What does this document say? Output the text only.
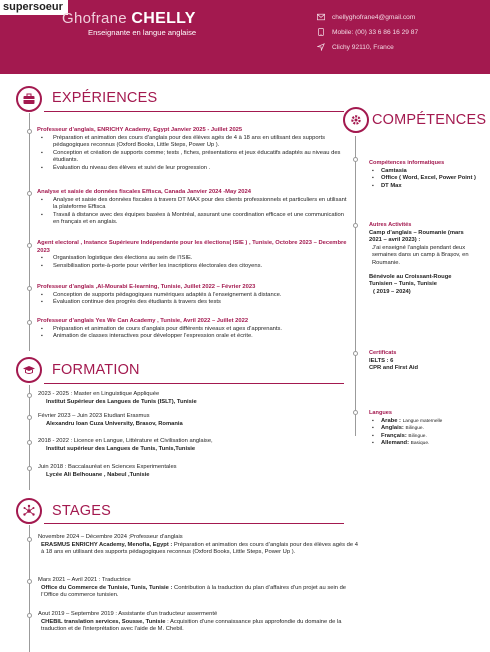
supersoeur
Ghofrane CHELLY
Enseignante en langue anglaise
chellyghofrane4@gmail.com
Mobile: (00) 33 6 86 16 29 87
Clichy 92110, France
EXPÉRIENCES
Professeur d’anglais, ENRICHY Academy, Egypt Janvier 2025 - Juillet 2025
▪ Préparation et animation des cours d’anglais pour des élèves agés de 4 à 18 ans en utilisant des supports pédagogiques reconnus (Oxford Books, Little Steps, Power Up ).
▪ Conception et création de supports comme; tests , fiches, présentations et jeux éducatifs adaptés au niveau des étudiants.
▪ Évaluation du niveau des élèves et suivi de leur progression .
Analyse et saisie de données fiscales Effisca, Canada Janvier 2024 -May 2024
▪ Analyse et saisie des données fiscales à travers DT MAX pour des clients professionnels et particuliers en utilisant la plateforme Effisca
▪ Travail à distance avec des équipes basées à Montréal, assurant une coordination efficace et une communication en français et en anglais.
Agent electoral , Instance Supérieure Indépendante pour les élections( ISIE ) , Tunisie, Octobre 2023 – Decembre 2023
▪ Organisation logistique des élections au sein de l’ISIE.
▪ Sensibilisation porte-à-porte pour vérifier les inscriptions électorales des citoyens.
Professeur d’anglais ,Al-Mourabi E-learning, Tunisie, Juillet 2022 – Février 2023
▪ Conception de supports pédagogiques numériques adaptés à l’enseignement à distance.
▪ Évaluation continue des progrès des étudiants à travers des tests
Professeur d’anglais Yes We Can Academy , Tunisie, Avril 2022 – Juillet 2022
▪ Préparation et animation de cours d’anglais pour différents niveaux et ages d’apprenants.
▪ Animation de classes interactives pour développer l’expression orale et écrite.
FORMATION
2023 - 2025 : Master en Linguistique Appliquée
Institut Supérieur des Langues de Tunis (ISLT), Tunisie
Février 2023 – Juin 2023 Etudiant Erasmus
Alexandru Ioan Cuza University, Brasov, Romania
2018 - 2022 : Licence en Langue, Littérature et Civilisation anglaise,
Institut supérieur des Langues de Tunis, Tunis,Tunisie
Juin 2018 : Baccalauréat en Sciences Experimentales
Lycée Ali Belhouane , Nabeul ,Tunisie
STAGES
Novembre 2024 – Décembre 2024 ;Professeur d’anglais
ERASMUS ENRICHY Academy, Menofia, Egypt : Préparation et animation des cours d’anglais pour des élèves agés de 4 à 18 ans en utilisant des supports pédagogiques reconnus (Oxford Books, Little Steps, Power Up ).
Mars 2021 – Avril 2021 : Traductrice
Office du Commerce de Tunisie, Tunis, Tunisie : Contribution à la traduction du plan d’affaires d’un projet au sein de l’Office du commerce tunisien.
Aout 2019 – Septembre 2019 : Assistante d’un traducteur assermenté
CHEBIL translation services, Sousse, Tunisie : Acquisition d’une connaissance plus approfondie du domaine de la traduction et de l’interprétation avec l’aide de M. Chebil.
COMPÉTENCES
Compétences informatiques
▪ Camtasia
▪ Office ( Word, Excel, Power Point )
▪ DT Max
Autres Activités
Camp d’anglais – Roumanie (mars 2021 – avril 2023) :
J’ai enseigné l’anglais pendant deux semaines dans un camp à Brașov, en Roumanie.
Bénévole au Croissant-Rouge Tunisien – Tunis, Tunisie
( 2019 – 2024)
Certificats
IELTS : 6
CPR and First Aid
Langues
▪ Arabe : Langue maternelle
▪ Anglais: Bilingue.
▪ Français: Bilingue.
▪ Allemand: Basique.
